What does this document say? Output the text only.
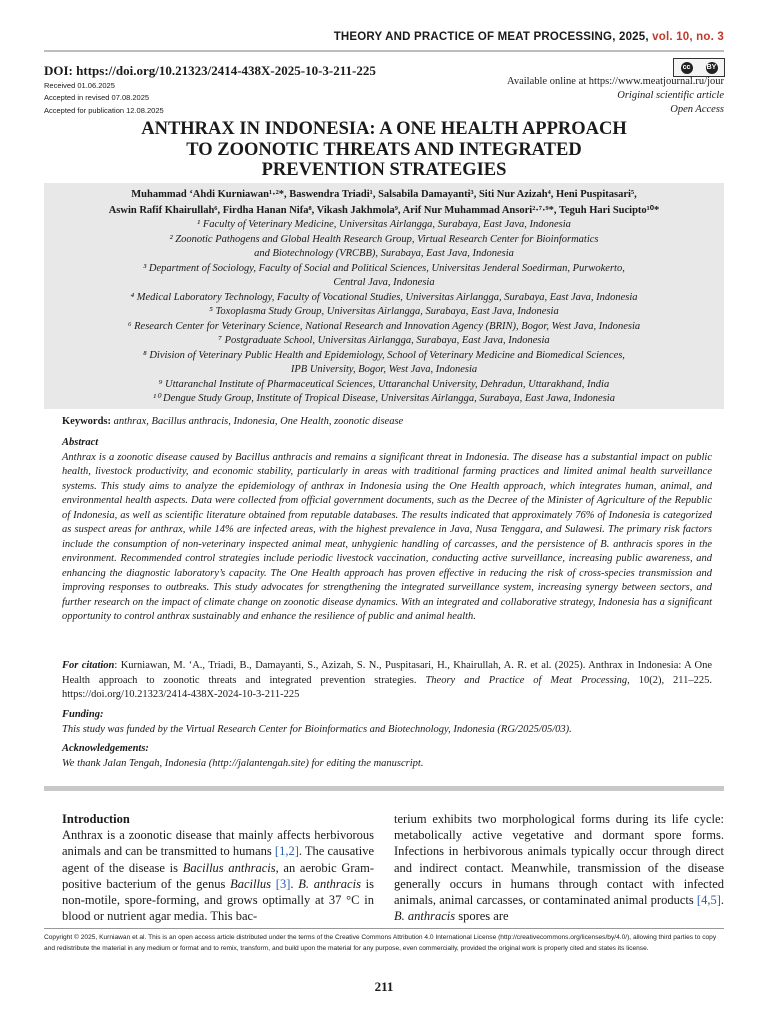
THEORY AND PRACTICE OF MEAT PROCESSING, 2025, vol. 10, no. 3
DOI: https://doi.org/10.21323/2414-438X-2025-10-3-211-225
Received 01.06.2025
Accepted in revised 07.08.2025
Accepted for publication 12.08.2025
cc	BY
Available online at https://www.meatjournal.ru/jour
Original scientific article
Open Access
ANTHRAX IN INDONESIA: A ONE HEALTH APPROACH
TO ZOONOTIC THREATS AND INTEGRATED
PREVENTION STRATEGIES
Muhammad ‘Ahdi Kurniawan¹·²*, Baswendra Triadi¹, Salsabila Damayanti³, Siti Nur Azizah⁴, Heni Puspitasari⁵,
Aswin Rafif Khairullah⁶, Firdha Hanan Nifa⁸, Vikash Jakhmola⁹, Arif Nur Muhammad Ansori²·⁷·⁹*, Teguh Hari Sucipto¹⁰*
¹ Faculty of Veterinary Medicine, Universitas Airlangga, Surabaya, East Java, Indonesia
² Zoonotic Pathogens and Global Health Research Group, Virtual Research Center for Bioinformatics
and Biotechnology (VRCBB), Surabaya, East Java, Indonesia
³ Department of Sociology, Faculty of Social and Political Sciences, Universitas Jenderal Soedirman, Purwokerto,
Central Java, Indonesia
⁴ Medical Laboratory Technology, Faculty of Vocational Studies, Universitas Airlangga, Surabaya, East Java, Indonesia
⁵ Toxoplasma Study Group, Universitas Airlangga, Surabaya, East Java, Indonesia
⁶ Research Center for Veterinary Science, National Research and Innovation Agency (BRIN), Bogor, West Java, Indonesia
⁷ Postgraduate School, Universitas Airlangga, Surabaya, East Java, Indonesia
⁸ Division of Veterinary Public Health and Epidemiology, School of Veterinary Medicine and Biomedical Sciences,
IPB University, Bogor, West Java, Indonesia
⁹ Uttaranchal Institute of Pharmaceutical Sciences, Uttaranchal University, Dehradun, Uttarakhand, India
¹⁰ Dengue Study Group, Institute of Tropical Disease, Universitas Airlangga, Surabaya, East Jawa, Indonesia
Keywords: anthrax, Bacillus anthracis, Indonesia, One Health, zoonotic disease
Abstract
Anthrax is a zoonotic disease caused by Bacillus anthracis and remains a significant threat in Indonesia. The disease has a substantial impact on public health, livestock productivity, and economic stability, particularly in areas with traditional farming practices and limited animal health surveillance systems. This study aims to analyze the epidemiology of anthrax in Indonesia using the One Health approach, which integrates human, animal, and environmental health aspects. Data were collected from official government documents, such as the Decree of the Minister of Agriculture of the Republic of Indonesia, as well as scientific literature obtained from reputable databases. The results indicated that approximately 76% of Indonesia is categorized as suspect areas for anthrax, while 14% are infected areas, with the highest prevalence in Java, Nusa Tenggara, and Sulawesi. The primary risk factors include the consumption of non-veterinary inspected animal meat, unhygienic handling of carcasses, and the persistence of B. anthracis spores in the environment. Recommended control strategies include periodic livestock vaccination, conducting active surveillance, increasing public awareness, and enhancing the diagnostic laboratory’s capacity. The One Health approach has proven effective in reducing the risk of cross-species transmission and improving responses to outbreaks. This study advocates for strengthening the integrated surveillance system, increasing synergy between sectors, and further research on the impact of climate change on zoonotic disease dynamics. With an integrated and collaborative strategy, Indonesia has a significant opportunity to control anthrax sustainably and enhance the resilience of public and animal health.
For citation: Kurniawan, M. ‘A., Triadi, B., Damayanti, S., Azizah, S. N., Puspitasari, H., Khairullah, A. R. et al. (2025). Anthrax in Indonesia: A One Health approach to zoonotic threats and integrated prevention strategies. Theory and Practice of Meat Processing, 10(2), 211–225. https://doi.org/10.21323/2414-438X-2024-10-3-211-225
Funding:
This study was funded by the Virtual Research Center for Bioinformatics and Biotechnology, Indonesia (RG/2025/05/03).
Acknowledgements:
We thank Jalan Tengah, Indonesia (http://jalantengah.site) for editing the manuscript.
Introduction
Anthrax is a zoonotic disease that mainly affects herbivorous animals and can be transmitted to humans [1,2]. The causative agent of the disease is Bacillus anthracis, an aerobic Gram-positive bacterium of the genus Bacillus [3]. B. anthracis is non-motile, spore-forming, and grows optimally at 37 °C in blood or nutrient agar media. This bac-
terium exhibits two morphological forms during its life cycle: metabolically active vegetative and dormant spore forms. Infections in herbivorous animals typically occur through direct and indirect contact. Meanwhile, transmission of the disease generally occurs in humans through contact with infected animals, animal carcasses, or contaminated animal products [4,5]. B. anthracis spores are
Copyright © 2025, Kurniawan et al. This is an open access article distributed under the terms of the Creative Commons Attribution 4.0 International License (http://creativecommons.org/licenses/by/4.0/), allowing third parties to copy and redistribute the material in any medium or format and to remix, transform, and build upon the material for any purpose, even commercially, provided the original work is properly cited and states its license.
211
